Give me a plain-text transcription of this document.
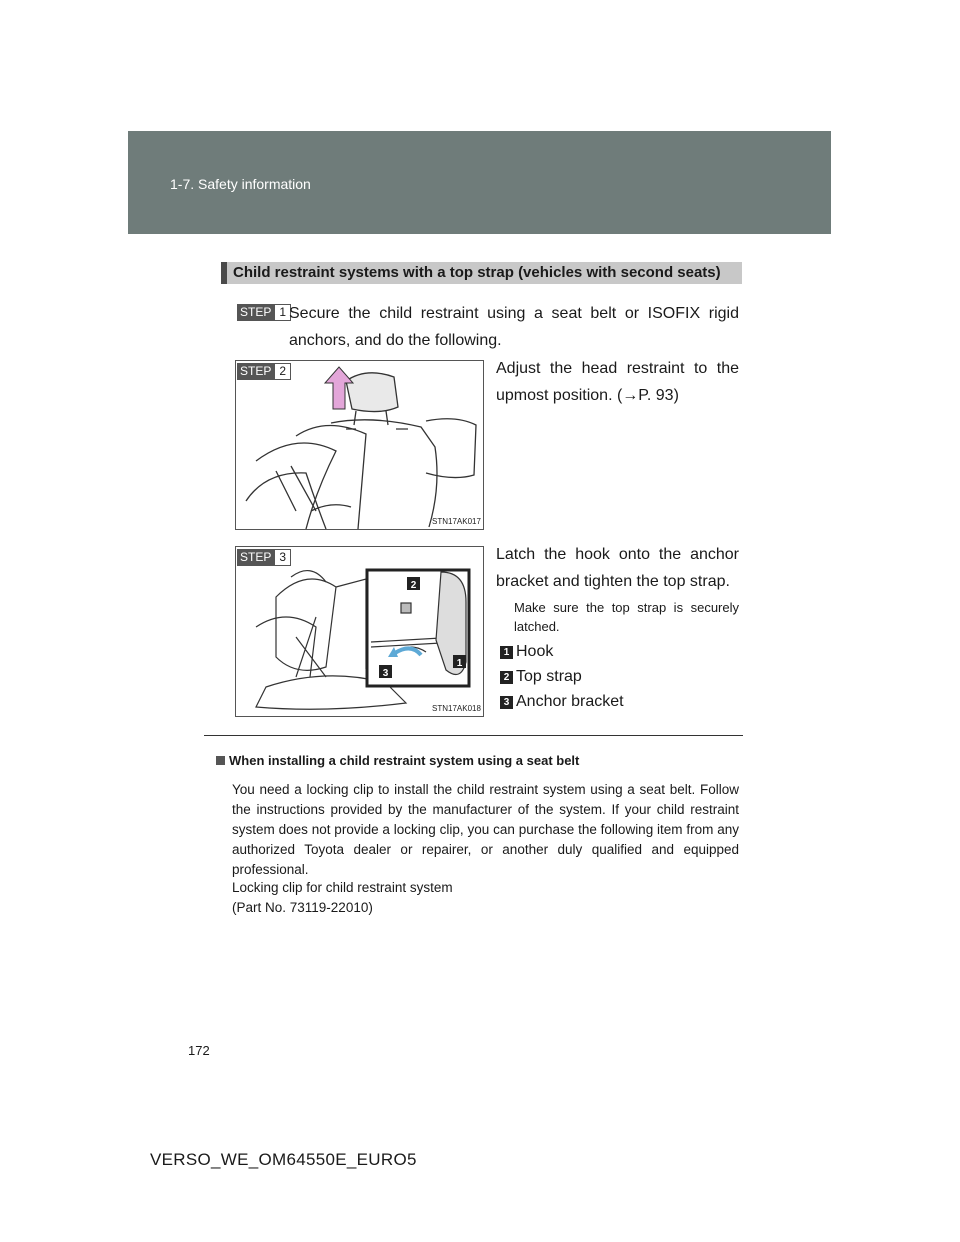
1-7. Safety information
Child restraint systems with a top strap (vehicles with second seats)
STEP 1 Secure the child restraint using a seat belt or ISOFIX rigid anchors, and do the following.
STEP 2
STN17AK017
Adjust the head restraint to the upmost position. (→P. 93)
2
1
3
STEP 3
STN17AK018
Latch the hook onto the anchor bracket and tighten the top strap.
Make sure the top strap is securely latched.
1 Hook
2 Top strap
3 Anchor bracket
When installing a child restraint system using a seat belt
You need a locking clip to install the child restraint system using a seat belt. Follow the instructions provided by the manufacturer of the system. If your child restraint system does not provide a locking clip, you can purchase the following item from any authorized Toyota dealer or repairer, or another duly qualified and equipped professional.
Locking clip for child restraint system
(Part No. 73119-22010)
172
VERSO_WE_OM64550E_EURO5
